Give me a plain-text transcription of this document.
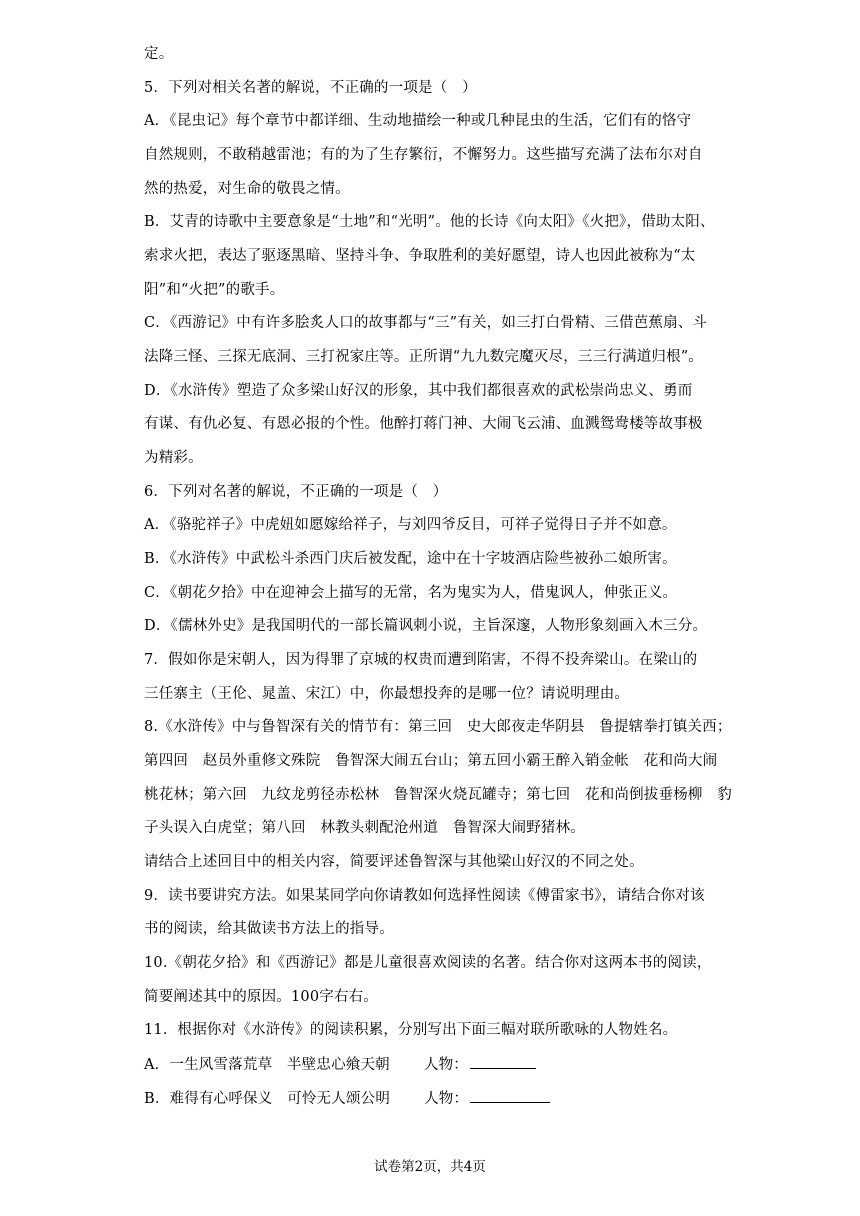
定。
5．下列对相关名著的解说，不正确的一项是（　）
A．《昆虫记》每个章节中都详细、生动地描绘一种或几种昆虫的生活，它们有的恪守
自然规则，不敢稍越雷池；有的为了生存繁衍，不懈努力。这些描写充满了法布尔对自
然的热爱，对生命的敬畏之情。
B．艾青的诗歌中主要意象是“土地”和“光明”。他的长诗《向太阳》《火把》，借助太阳、
索求火把，表达了驱逐黑暗、坚持斗争、争取胜利的美好愿望，诗人也因此被称为“太
阳”和“火把”的歌手。
C．《西游记》中有许多脍炙人口的故事都与“三”有关，如三打白骨精、三借芭蕉扇、斗
法降三怪、三探无底洞、三打祝家庄等。正所谓“九九数完魔灭尽，三三行满道归根”。
D．《水浒传》塑造了众多梁山好汉的形象，其中我们都很喜欢的武松崇尚忠义、勇而
有谋、有仇必复、有恩必报的个性。他醉打蒋门神、大闹飞云浦、血溅鸳鸯楼等故事极
为精彩。
6．下列对名著的解说，不正确的一项是（　）
A．《骆驼祥子》中虎妞如愿嫁给祥子，与刘四爷反目，可祥子觉得日子并不如意。
B．《水浒传》中武松斗杀西门庆后被发配，途中在十字坡酒店险些被孙二娘所害。
C．《朝花夕拾》中在迎神会上描写的无常，名为鬼实为人，借鬼讽人，伸张正义。
D．《儒林外史》是我国明代的一部长篇讽刺小说，主旨深邃，人物形象刻画入木三分。
7．假如你是宋朝人，因为得罪了京城的权贵而遭到陷害，不得不投奔梁山。在梁山的
三任寨主（王伦、晁盖、宋江）中，你最想投奔的是哪一位？请说明理由。
8.《水浒传》中与鲁智深有关的情节有：第三回　史大郎夜走华阴县　鲁提辖拳打镇关西；
第四回　赵员外重修文殊院　鲁智深大闹五台山；第五回小霸王醉入销金帐　花和尚大闹
桃花林；第六回　九纹龙剪径赤松林　鲁智深火烧瓦罐寺；第七回　花和尚倒拔垂杨柳　豹
子头误入白虎堂；第八回　林教头刺配沧州道　鲁智深大闹野猪林。
请结合上述回目中的相关内容，简要评述鲁智深与其他梁山好汉的不同之处。
9．读书要讲究方法。如果某同学向你请教如何选择性阅读《傅雷家书》，请结合你对该
书的阅读，给其做读书方法上的指导。
10.《朝花夕拾》和《西游记》都是儿童很喜欢阅读的名著。结合你对这两本书的阅读，
简要阐述其中的原因。100字右右。
11．根据你对《水浒传》的阅读积累，分别写出下面三幅对联所歌咏的人物姓名。
A．一生风雪落荒草　半壁忠心飨天朝 人物：
B．难得有心呼保义　可怜无人颂公明 人物：
试卷第2页，共4页
